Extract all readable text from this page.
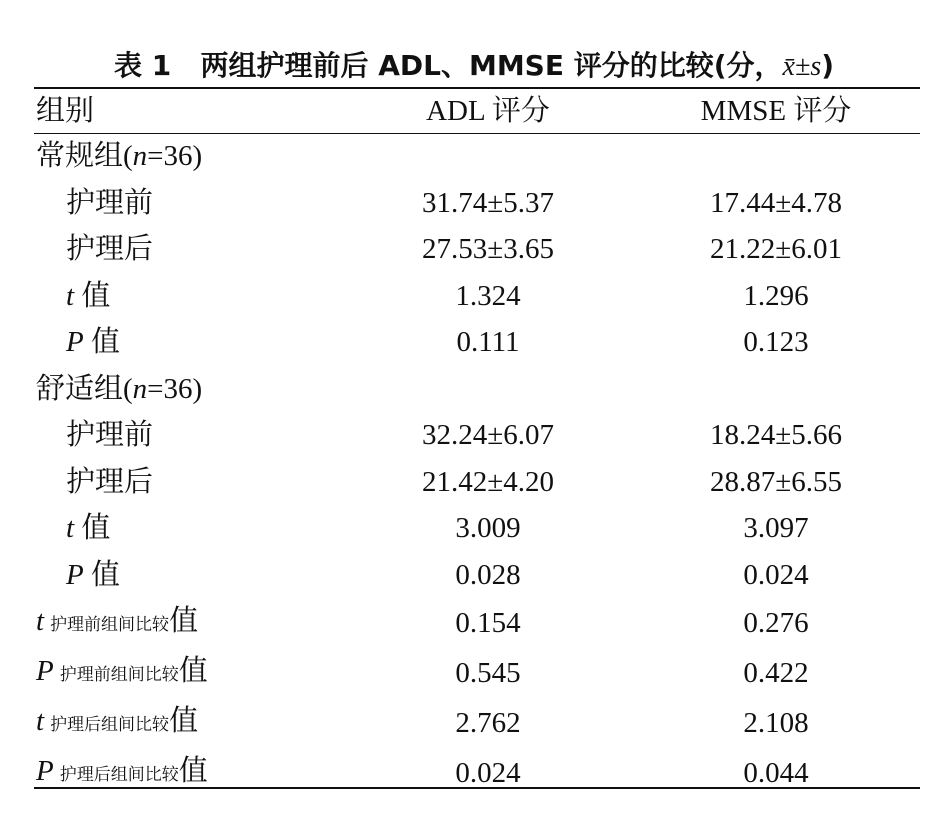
表 1 两组护理前后 ADL、MMSE 评分的比较(分，x̄±s)
组别	ADL 评分	MMSE 评分
常规组(n=36)		
护理前	31.74±5.37	17.44±4.78
护理后	27.53±3.65	21.22±6.01
t 值	1.324	1.296
P 值	0.111	0.123
舒适组(n=36)		
护理前	32.24±6.07	18.24±5.66
护理后	21.42±4.20	28.87±6.55
t 值	3.009	3.097
P 值	0.028	0.024
t 护理前组间比较值	0.154	0.276
P 护理前组间比较值	0.545	0.422
t 护理后组间比较值	2.762	2.108
P 护理后组间比较值	0.024	0.044
